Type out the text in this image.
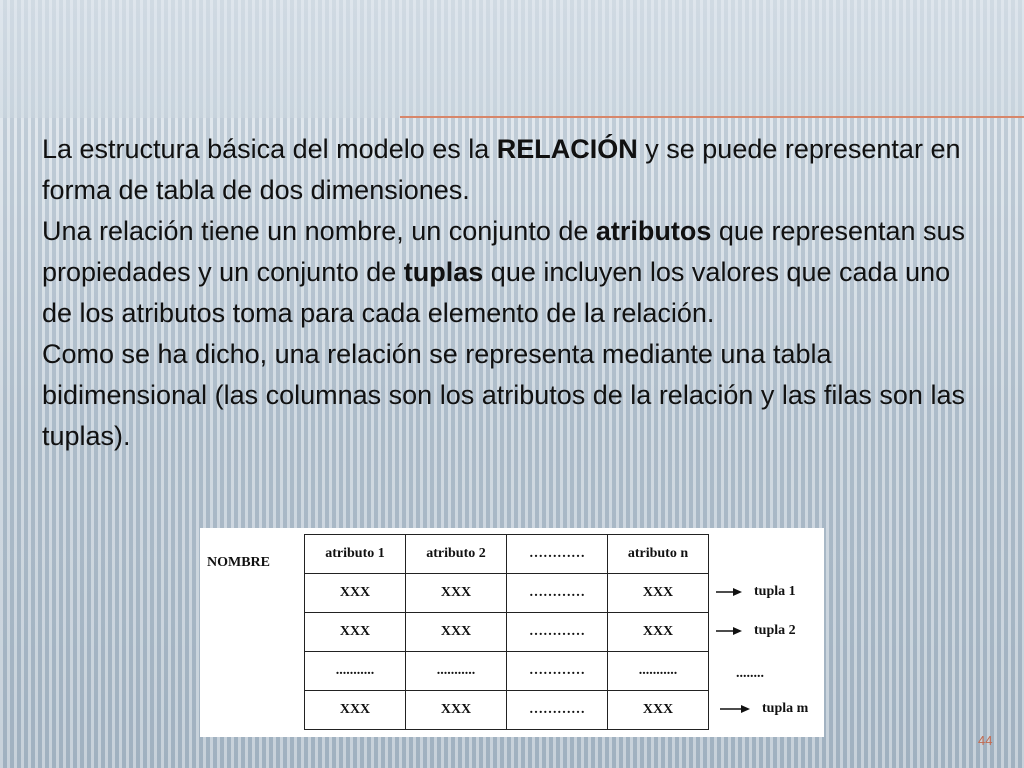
La estructura básica del modelo es la RELACIÓN y se puede representar en forma de tabla de dos dimensiones.

Una relación tiene un nombre, un conjunto de atributos que representan sus propiedades y un conjunto de tuplas que incluyen los valores que cada uno de los atributos toma para cada elemento de la relación.

Como se ha dicho, una relación se representa mediante una tabla bidimensional (las columnas son los atributos de la relación y las filas son las tuplas).

NOMBRE
atributo 1	atributo 2	…………	atributo n
XXX	XXX	…………	XXX
XXX	XXX	…………	XXX
...........	...........	…………	...........
XXX	XXX	…………	XXX
tupla 1
tupla 2
........
tupla m
44
